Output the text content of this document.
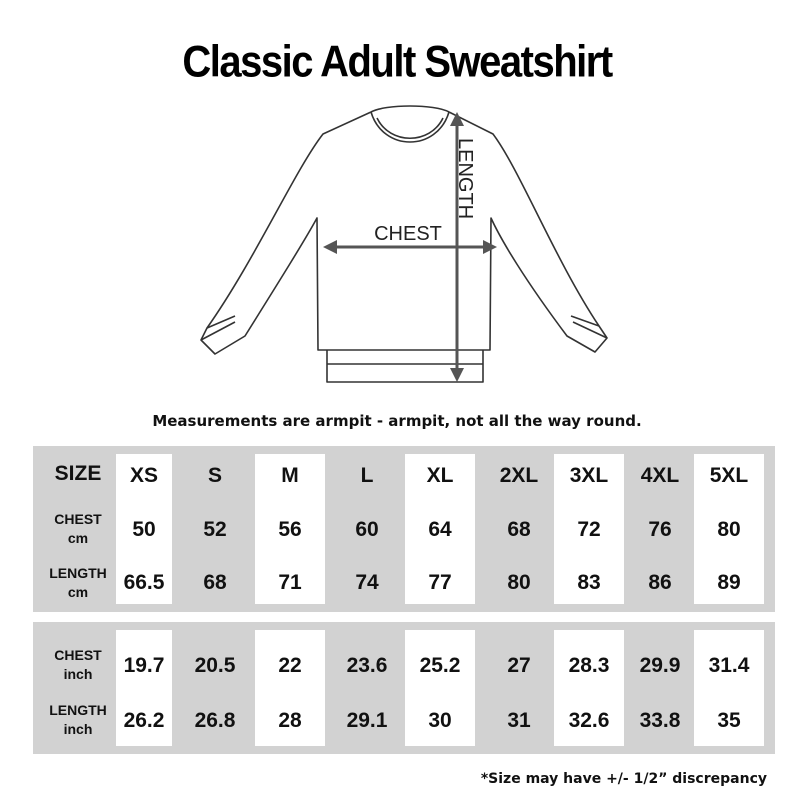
Classic Adult Sweatshirt
CHEST
LENGTH
Measurements are armpit - armpit, not all the way round.
SIZE
CHEST
cm
LENGTH
cm
XS
50
66.5
S
52
68
M
56
71
L
60
74
XL
64
77
2XL
68
80
3XL
72
83
4XL
76
86
5XL
80
89
CHEST
inch
LENGTH
inch
19.7
26.2
20.5
26.8
22
28
23.6
29.1
25.2
30
27
31
28.3
32.6
29.9
33.8
31.4
35
*Size may have +/- 1/2” discrepancy
